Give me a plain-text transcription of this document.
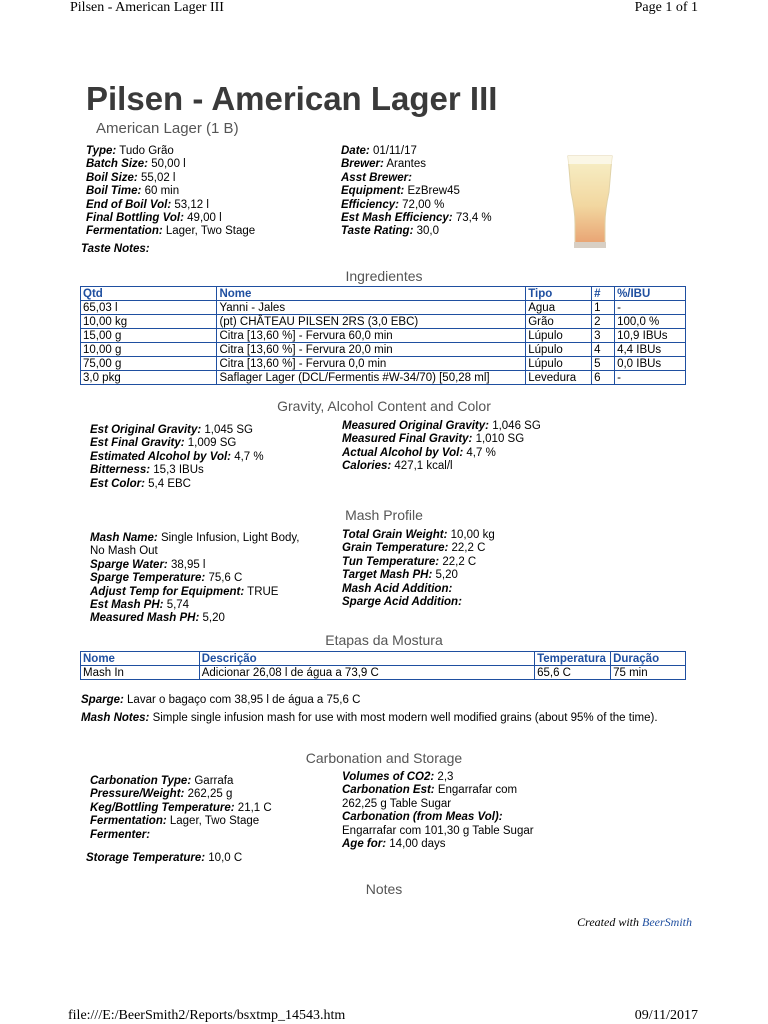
Pilsen - American Lager III	Page 1 of 1
Pilsen - American Lager III
American Lager (1 B)
Type: Tudo Grão
Batch Size: 50,00 l
Boil Size: 55,02 l
Boil Time: 60 min
End of Boil Vol: 53,12 l
Final Bottling Vol: 49,00 l
Fermentation: Lager, Two Stage
Taste Notes:
Date: 01/11/17
Brewer: Arantes
Asst Brewer:
Equipment: EzBrew45
Efficiency: 72,00 %
Est Mash Efficiency: 73,4 %
Taste Rating: 30,0
Ingredientes
Qtd	Nome	Tipo	#	%/IBU
65,03 l	Yanni - Jales	Agua	1	-
10,00 kg	(pt) CHÂTEAU PILSEN 2RS (3,0 EBC)	Grão	2	100,0 %
15,00 g	Citra [13,60 %] - Fervura 60,0 min	Lúpulo	3	10,9 IBUs
10,00 g	Citra [13,60 %] - Fervura 20,0 min	Lúpulo	4	4,4 IBUs
75,00 g	Citra [13,60 %] - Fervura 0,0 min	Lúpulo	5	0,0 IBUs
3,0 pkg	Saflager Lager (DCL/Fermentis #W-34/70) [50,28 ml]	Levedura	6	-
Gravity, Alcohol Content and Color
Est Original Gravity: 1,045 SG
Est Final Gravity: 1,009 SG
Estimated Alcohol by Vol: 4,7 %
Bitterness: 15,3 IBUs
Est Color: 5,4 EBC
Measured Original Gravity: 1,046 SG
Measured Final Gravity: 1,010 SG
Actual Alcohol by Vol: 4,7 %
Calories: 427,1 kcal/l
Mash Profile
Mash Name: Single Infusion, Light Body,
No Mash Out
Sparge Water: 38,95 l
Sparge Temperature: 75,6 C
Adjust Temp for Equipment: TRUE
Est Mash PH: 5,74
Measured Mash PH: 5,20
Total Grain Weight: 10,00 kg
Grain Temperature: 22,2 C
Tun Temperature: 22,2 C
Target Mash PH: 5,20
Mash Acid Addition:
Sparge Acid Addition:
Etapas da Mostura
Nome	Descrição	Temperatura	Duração
Mash In	Adicionar 26,08 l de água a 73,9 C	65,6 C	75 min
Sparge: Lavar o bagaço com 38,95 l de água a 75,6 C
Mash Notes: Simple single infusion mash for use with most modern well modified grains (about 95% of the time).
Carbonation and Storage
Carbonation Type: Garrafa
Pressure/Weight: 262,25 g
Keg/Bottling Temperature: 21,1 C
Fermentation: Lager, Two Stage
Fermenter:
Volumes of CO2: 2,3
Carbonation Est: Engarrafar com
262,25 g Table Sugar
Carbonation (from Meas Vol):
Engarrafar com 101,30 g Table Sugar
Age for: 14,00 days
Storage Temperature: 10,0 C
Notes
Created with BeerSmith
file:///E:/BeerSmith2/Reports/bsxtmp_14543.htm	09/11/2017
